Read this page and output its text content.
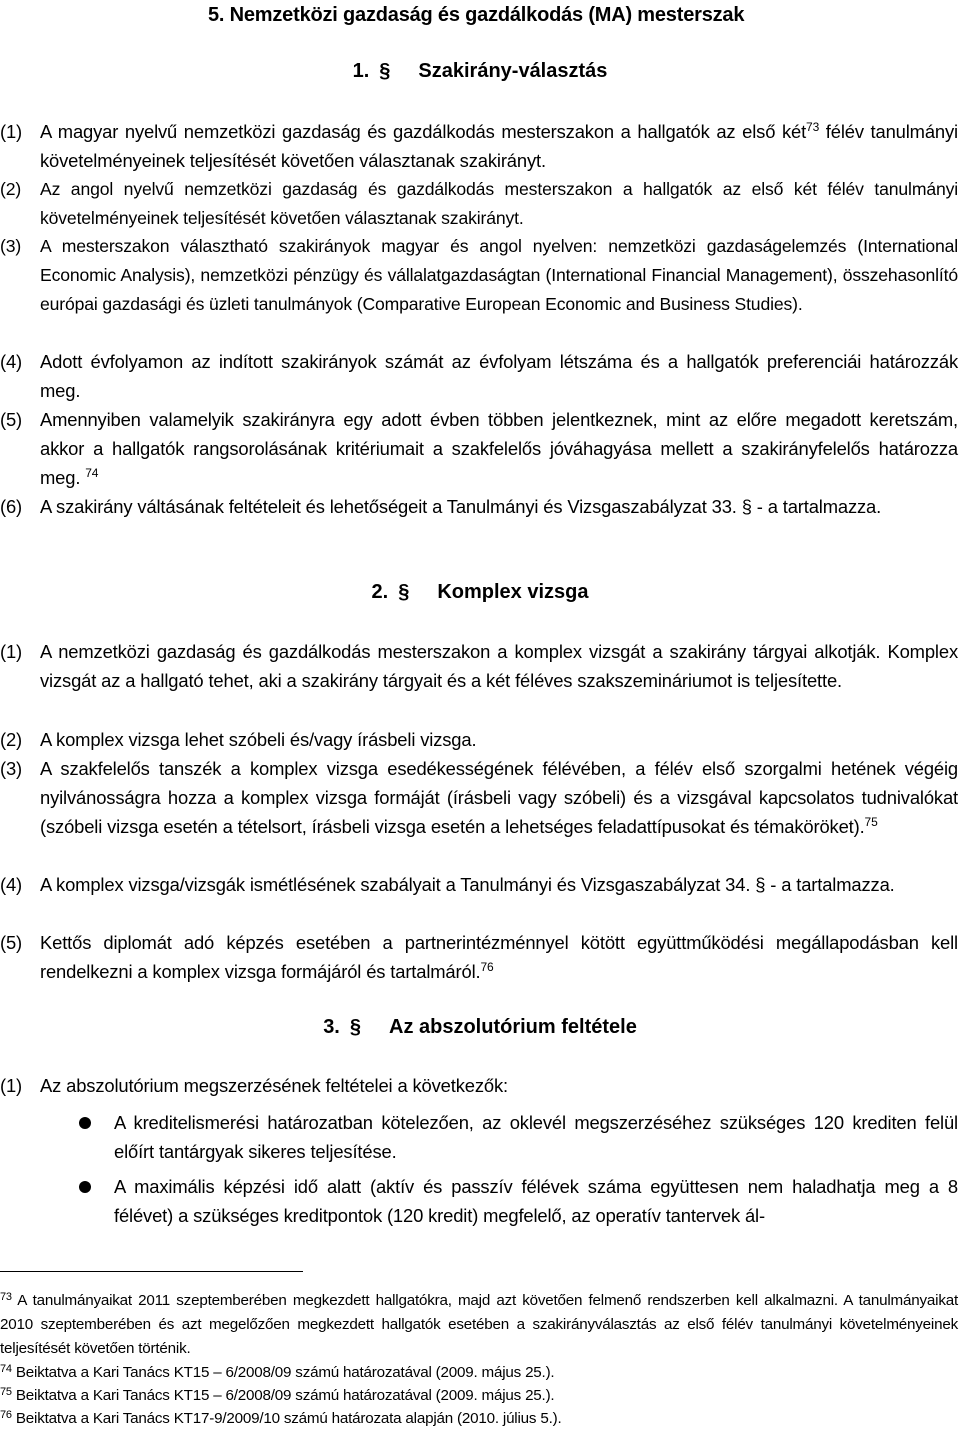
5. Nemzetközi gazdaság és gazdálkodás (MA) mesterszak
1. § Szakirány-választás
(1) A magyar nyelvű nemzetközi gazdaság és gazdálkodás mesterszakon a hallgatók az első két$^{73}$ félév tanulmányi követelményeinek teljesítését követően választanak szakirányt.
(2) Az angol nyelvű nemzetközi gazdaság és gazdálkodás mesterszakon a hallgatók az első két félév tanulmányi követelményeinek teljesítését követően választanak szakirányt.
(3) A mesterszakon választható szakirányok magyar és angol nyelven: nemzetközi gazdaságelemzés (International Economic Analysis), nemzetközi pénzügy és vállalatgazdaságtan (International Financial Management), összehasonlító európai gazdasági és üzleti tanulmányok (Comparative European Economic and Business Studies).
(4) Adott évfolyamon az indított szakirányok számát az évfolyam létszáma és a hallgatók preferenciái határozzák meg.
(5) Amennyiben valamelyik szakirányra egy adott évben többen jelentkeznek, mint az előre megadott keretszám, akkor a hallgatók rangsorolásának kritériumait a szakfelelős jóváhagyása mellett a szakirányfelelős határozza meg. $^{74}$
(6) A szakirány váltásának feltételeit és lehetőségeit a Tanulmányi és Vizsgaszabályzat 33. § - a tartalmazza.
2. § Komplex vizsga
(1) A nemzetközi gazdaság és gazdálkodás mesterszakon a komplex vizsgát a szakirány tárgyai alkotják. Komplex vizsgát az a hallgató tehet, aki a szakirány tárgyait és a két féléves szakszemináriumot is teljesítette.
(2) A komplex vizsga lehet szóbeli és/vagy írásbeli vizsga.
(3) A szakfelelős tanszék a komplex vizsga esedékességének félévében, a félév első szorgalmi hetének végéig nyilvánosságra hozza a komplex vizsga formáját (írásbeli vagy szóbeli) és a vizsgával kapcsolatos tudnivalókat (szóbeli vizsga esetén a tételsort, írásbeli vizsga esetén a lehetséges feladattípusokat és témaköröket).$^{75}$
(4) A komplex vizsga/vizsgák ismétlésének szabályait a Tanulmányi és Vizsgaszabályzat 34. § - a tartalmazza.
(5) Kettős diplomát adó képzés esetében a partnerintézménnyel kötött együttműködési megállapodásban kell rendelkezni a komplex vizsga formájáról és tartalmáról.$^{76}$
3. § Az abszolutórium feltétele
(1) Az abszolutórium megszerzésének feltételei a következők:
A kreditelismerési határozatban kötelezően, az oklevél megszerzéséhez szükséges 120 krediten felül előírt tantárgyak sikeres teljesítése.
A maximális képzési idő alatt (aktív és passzív félévek száma együttesen nem haladhatja meg a 8 félévet) a szükséges kreditpontok (120 kredit) megfelelő, az operatív tantervek ál-
$^{73}$ A tanulmányaikat 2011 szeptemberében megkezdett hallgatókra, majd azt követően felmenő rendszerben kell alkalmazni. A tanulmányaikat 2010 szeptemberében és azt megelőzően megkezdett hallgatók esetében a szakirányválasztás az első félév tanulmányi követelményeinek teljesítését követően történik.
$^{74}$ Beiktatva a Kari Tanács KT15 – 6/2008/09 számú határozatával (2009. május 25.).
$^{75}$ Beiktatva a Kari Tanács KT15 – 6/2008/09 számú határozatával (2009. május 25.).
$^{76}$ Beiktatva a Kari Tanács KT17-9/2009/10 számú határozata alapján (2010. július 5.).
